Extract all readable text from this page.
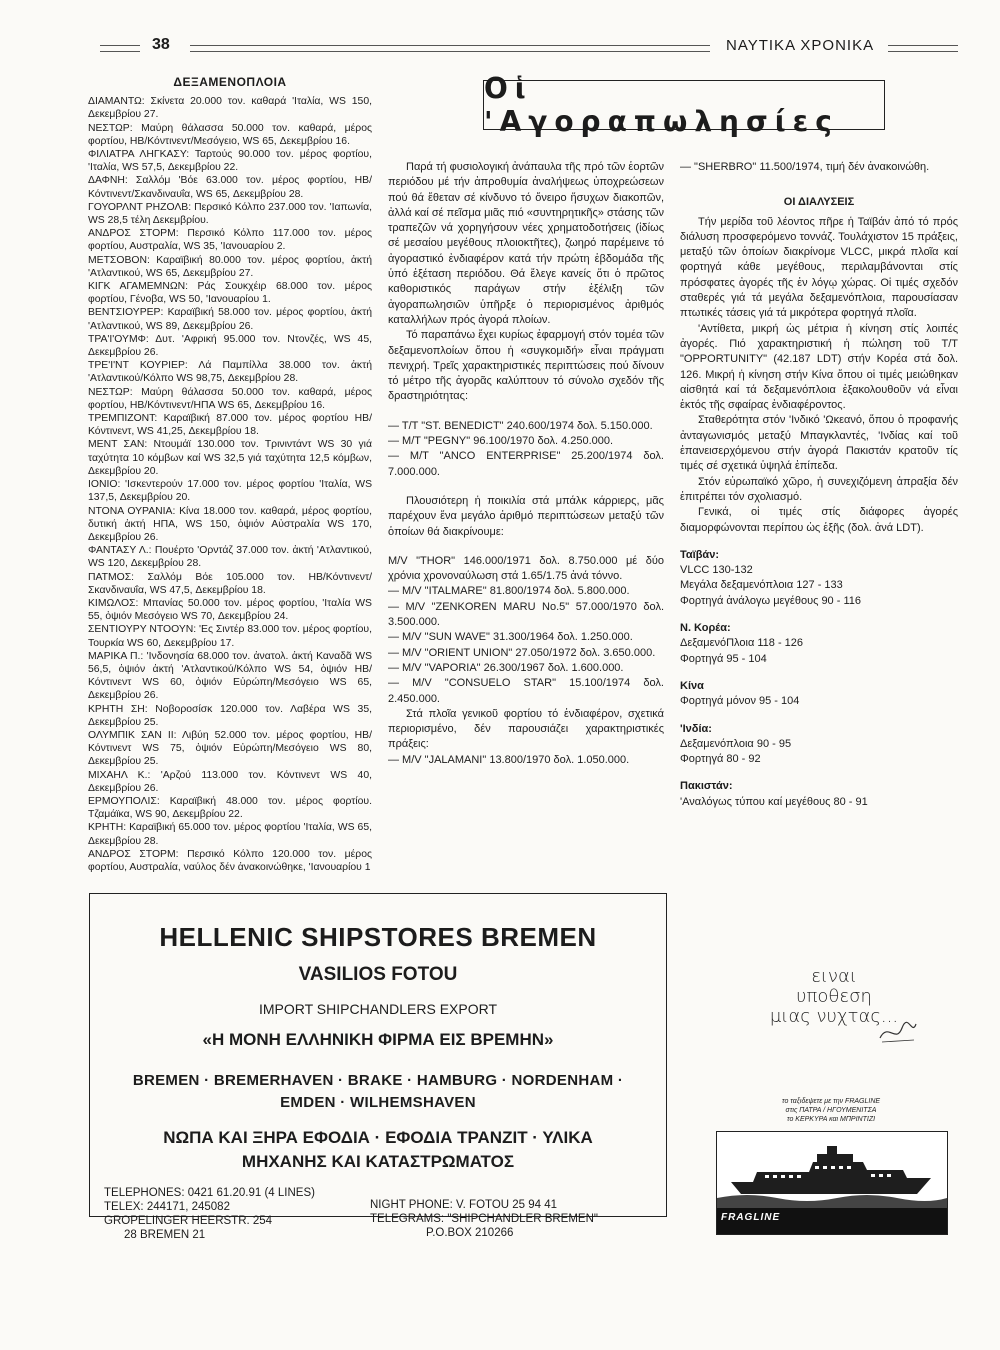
38	ΝΑΥΤΙΚΑ ΧΡΟΝΙΚΑ
ΔΕΞΑΜΕΝΟΠΛΟΙΑ

ΔΙΑΜΑΝΤΩ: Σκίνετα 20.000 τον. καθαρά 'Ιταλία, WS 150, Δεκεμβρίου 27.

ΝΕΣΤΩΡ: Μαύρη θάλασσα 50.000 τον. καθαρά, μέρος φορτίου, ΗΒ/Κόντινεντ/Μεσόγειο, WS 65, Δεκεμβρίου 16.

ΦΙΛΙΑΤΡΑ ΛΗΓΚΑΣΥ: Ταρτούς 90.000 τον. μέρος φορτίου, 'Ιταλία, WS 57,5, Δεκεμβρίου 22.

ΔΑΦΝΗ: Σαλλόμ 'Βόε 63.000 τον. μέρος φορτίου, ΗΒ/Κόντινεντ/Σκανδιναυΐα, WS 65, Δεκεμβρίου 28.

ΓΟΥΟΡΛΝΤ ΡΗΖΟΛΒ: Περσικό Κόλπο 237.000 τον. 'Ιαπωνία, WS 28,5 τέλη Δεκεμβρίου.

ΑΝΔΡΟΣ ΣΤΟΡΜ: Περσικό Κόλπο 117.000 τον. μέρος φορτίου, Αυστραλία, WS 35, 'Ιανουαρίου 2.

ΜΕΤΣΟΒΟΝ: Καραϊβική 80.000 τον. μέρος φορτίου, ἀκτή 'Ατλαντικού, WS 65, Δεκεμβρίου 27.

ΚΙΓΚ ΑΓΑΜΕΜΝΩΝ: Ράς Σουκχέιρ 68.000 τον. μέρος φορτίου, Γένοβα, WS 50, 'Ιανουαρίου 1.

ΒΕΝΤΣΙΟΥΡΕΡ: Καραϊβική 58.000 τον. μέρος φορτίου, ἀκτή 'Ατλαντικού, WS 89, Δεκεμβρίου 26.

ΤΡΑ'Ι'ΟΥΜΦ: Δυτ. 'Αφρική 95.000 τον. Ντονζές, WS 45, Δεκεμβρίου 26.

ΤΡΕ'Ι'ΝΤ ΚΟΥΡΙΕΡ: Λά Παμπίλλα 38.000 τον. ἀκτή 'Ατλαντικού/Κόλπο WS 98,75, Δεκεμβρίου 28.

ΝΕΣΤΩΡ: Μαύρη θάλασσα 50.000 τον. καθαρά, μέρος φορτίου, ΗΒ/Κόντινεντ/ΗΠΑ WS 65, Δεκεμβρίου 16.

ΤΡΕΜΠΙΖΟΝΤ: Καραϊβική 87.000 τον. μέρος φορτίου ΗΒ/Κόντινεντ, WS 41,25, Δεκεμβρίου 18.

ΜΕΝΤ ΣΑΝ: Ντουμάϊ 130.000 τον. Τρινιντάντ WS 30 γιά ταχύτητα 10 κόμβων καί WS 32,5 γιά ταχύτητα 12,5 κόμβων, Δεκεμβρίου 20.

ΙΟΝΙΟ: 'Ισκεντερούν 17.000 τον. μέρος φορτίου 'Ιταλία, WS 137,5, Δεκεμβρίου 20.

ΝΤΟΝΑ ΟΥΡΑΝΙΑ: Κίνα 18.000 τον. καθαρά, μέρος φορτίου, δυτική ἀκτή ΗΠΑ, WS 150, ὀψιόν Αὐστραλία WS 170, Δεκεμβρίου 26.

ΦΑΝΤΑΣΥ Λ.: Πουέρτο 'Ορντάζ 37.000 τον. ἀκτή 'Ατλαντικού, WS 120, Δεκεμβρίου 28.

ΠΑΤΜΟΣ: Σαλλόμ Βόε 105.000 τον. ΗΒ/Κόντινεντ/Σκανδιναυΐα, WS 47,5, Δεκεμβρίου 18.

ΚΙΜΩΛΟΣ: Μπανίας 50.000 τον. μέρος φορτίου, 'Ιταλία WS 55, ὀψιόν Μεσόγειο WS 70, Δεκεμβρίου 24.

ΣΕΝΤΙΟΥΡΥ ΝΤΟΟΥΝ: 'Ες Σιντέρ 83.000 τον. μέρος φορτίου, Τουρκία WS 60, Δεκεμβρίου 17.

ΜΑΡΙΚΑ Π.: 'Ινδονησία 68.000 τον. ἀνατολ. ἀκτή Καναδᾶ WS 56,5, ὀψιόν ἀκτή 'Ατλαντικού/Κόλπο WS 54, ὀψιόν ΗΒ/Κόντινεντ WS 60, ὀψιόν Εὐρώπη/Μεσόγειο WS 65, Δεκεμβρίου 26.

ΚΡΗΤΗ ΣΗ: Νοβοροσίσκ 120.000 τον. Λαβέρα WS 35, Δεκεμβρίου 25.

ΟΛΥΜΠΙΚ ΣΑΝ ΙΙ: Λιβύη 52.000 τον. μέρος φορτίου, ΗΒ/Κόντινεντ WS 75, ὀψιόν Εὐρώπη/Μεσόγειο WS 80, Δεκεμβρίου 25.

ΜΙΧΑΗΛ Κ.: 'Αρζού 113.000 τον. Κόντινεντ WS 40, Δεκεμβρίου 26.

ΕΡΜΟΥΠΟΛΙΣ: Καραϊβική 48.000 τον. μέρος φορτίου. Τζαμάϊκα, WS 90, Δεκεμβρίου 22.

ΚΡΗΤΗ: Καραϊβική 65.000 τον. μέρος φορτίου 'Ιταλία, WS 65, Δεκεμβρίου 28.

ΑΝΔΡΟΣ ΣΤΟΡΜ: Περσικό Κόλπο 120.000 τον. μέρος φορτίου, Αυστραλία, ναύλος δέν ἀνακοινώθηκε, 'Ιανουαρίου 1

Οἱ 'Αγοραπωλησίες

Παρά τή φυσιολογική ἀνάπαυλα τῆς πρό τῶν ἑορτῶν περιόδου μέ τήν ἀπροθυμία ἀναλήψεως ὑποχρεώσεων πού θά ἔθεταν σέ κίνδυνο τό ὄνειρο ἥσυχων διακοπῶν, ἀλλά καί σέ πεῖσμα μιᾶς πιό «συντηρητικῆς» στάσης τῶν τραπεζῶν νά χορηγήσουν νέες χρηματοδοτήσεις (ἰδίως σέ μεσαίου μεγέθους πλοιοκτῆτες), ζωηρό παρέμεινε τό ἀγοραστικό ἐνδιαφέρον κατά τήν πρώτη ἑβδομάδα τῆς ὑπό ἐξέταση περιόδου. Θά ἔλεγε κανείς ὅτι ὁ πρῶτος καθοριστικός παράγων στήν ἐξέλιξη τῶν ἀγοραπωλησιῶν ὑπῆρξε ὁ περιορισμένος ἀριθμός καταλλήλων πρός ἀγορά πλοίων.

Τό παραπάνω ἔχει κυρίως ἐφαρμογή στόν τομέα τῶν δεξαμενοπλοίων ὅπου ἡ «συγκομιδή» εἶναι πράγματι πενιχρή. Τρεῖς χαρακτηριστικές περιπτώσεις πού δίνουν τό μέτρο τῆς ἀγορᾶς καλύπτουν τό σύνολο σχεδόν τῆς δραστηριότητας:

— Τ/Τ "ST. BENEDICT" 240.600/1974 δολ. 5.150.000.

— Μ/Τ "PEGNY" 96.100/1970 δολ. 4.250.000.

— Μ/Τ "ANCO ENTERPRISE" 25.200/1974 δολ. 7.000.000.

Πλουσιότερη ἡ ποικιλία στά μπάλκ κάρριερς, μᾶς παρέχουν ἕνα μεγάλο ἀριθμό περιπτώσεων μεταξύ τῶν ὁποίων θά διακρίνουμε:

Μ/V "THOR" 146.000/1971 δολ. 8.750.000 μέ δύο χρόνια χρονοναύλωση στά 1.65/1.75 ἀνά τόννο.

— Μ/V "ITALMARE" 81.800/1974 δολ. 5.800.000.

— Μ/V "ZENKOREN MARU No.5" 57.000/1970 δολ. 3.500.000.

— Μ/V "SUN WAVE" 31.300/1964 δολ. 1.250.000.

— Μ/V "ORIENT UNION" 27.050/1972 δολ. 3.650.000.

— Μ/V "VAPORIA" 26.300/1967 δολ. 1.600.000.

— Μ/V "CONSUELO STAR" 15.100/1974 δολ. 2.450.000.

Στά πλοῖα γενικοῦ φορτίου τό ἐνδιαφέρον, σχετικά περιορισμένο, δέν παρουσιάζει χαρακτηριστικές πράξεις:

— Μ/V "JALAMANI" 13.800/1970 δολ. 1.050.000.

— "SHERBRO" 11.500/1974, τιμή δέν ἀνακοινώθη.

ΟΙ ΔΙΑΛΥΣΕΙΣ

Τήν μερίδα τοῦ λέοντος πῆρε ἡ Ταϊβάν ἀπό τό πρός διάλυση προσφερόμενο τοννάζ. Τουλάχιστον 15 πράξεις, μεταξύ τῶν ὁποίων διακρίνομε VLCC, μικρά πλοῖα καί φορτηγά κάθε μεγέθους, περιλαμβάνονται στίς πρόσφατες ἀγορές τῆς ἐν λόγῳ χώρας. Οἱ τιμές σχεδόν σταθερές γιά τά μεγάλα δεξαμενόπλοια, παρουσίασαν πτωτικές τάσεις γιά τά μικρότερα φορτηγά πλοῖα.

'Αντίθετα, μικρή ὡς μέτρια ἡ κίνηση στίς λοιπές ἀγορές. Πιό χαρακτηριστική ἡ πώληση τοῦ Τ/Τ "OPPORTUNITY" (42.187 LDT) στήν Κορέα στά δολ. 126. Μικρή ἡ κίνηση στήν Κίνα ὅπου οἱ τιμές μειώθηκαν αἰσθητά καί τά δεξαμενόπλοια ἐξακολουθοῦν νά εἶναι ἐκτός τῆς σφαίρας ἐνδιαφέροντος.

Σταθερότητα στόν 'Ινδικό 'Ωκεανό, ὅπου ὁ προφανής ἀνταγωνισμός μεταξύ Μπαγκλαντές, 'Ινδίας καί τοῦ ἐπανεισερχόμενου στήν ἀγορά Πακιστάν κρατοῦν τίς τιμές σέ σχετικά ὑψηλά ἐπίπεδα.

Στόν εὐρωπαϊκό χῶρο, ἡ συνεχιζόμενη ἀπραξία δέν ἐπιτρέπει τόν σχολιασμό.

Γενικά, οἱ τιμές στίς διάφορες ἀγορές διαμορφώνονται περίπου ὡς ἑξῆς (δολ. ἀνά LDT).

Ταϊβάν:

VLCC 130-132

Μεγάλα δεξαμενόπλοια 127 - 133

Φορτηγά ἀνάλογω μεγέθους 90 - 116

Ν. Κορέα:

ΔεξαμενόΠλοια 118 - 126

Φορτηγά 95 - 104

Κίνα

Φορτηγά μόνον 95 - 104

'Ινδία:

Δεξαμενόπλοια 90 - 95

Φορτηγά 80 - 92

Πακιστάν:

'Αναλόγως τύπου καί μεγέθους 80 - 91

HELLENIC SHIPSTORES BREMEN
VASILIOS FOTOU
IMPORT SHIPCHANDLERS EXPORT
«Η ΜΟΝΗ ΕΛΛΗΝΙΚΗ ΦΙΡΜΑ ΕΙΣ ΒΡΕΜΗΝ»
BREMEN · BREMERHAVEN · BRAKE · HAMBURG · NORDENHAM ·
EMDEN · WILHEMSHAVEN
ΝΩΠΑ ΚΑΙ ΞΗΡΑ ΕΦΟΔΙΑ · ΕΦΟΔΙΑ ΤΡΑΝΖΙΤ · ΥΛΙΚΑ
ΜΗΧΑΝΗΣ ΚΑΙ ΚΑΤΑΣΤΡΩΜΑΤΟΣ
TELEPHONES: 0421 61.20.91 (4 LINES)
TELEX: 244171, 245082
GROPELINGER HEERSTR. 254
28 BREMEN 21
NIGHT PHONE: V. FOTOU 25 94 41
TELEGRAMS: "SHIPCHANDLER BREMEN"
P.O.BOX 210266
ειναι
υποθεση
μιας νυχτας...
το ταξιδεψετε με την FRAGLINE
στις ΠΑΤΡΑ / ΗΓΟΥΜΕΝΙΤΣΑ
το ΚΕΡΚΥΡΑ και ΜΠΡΙΝΤΙΖΙ
FRAGLINE
